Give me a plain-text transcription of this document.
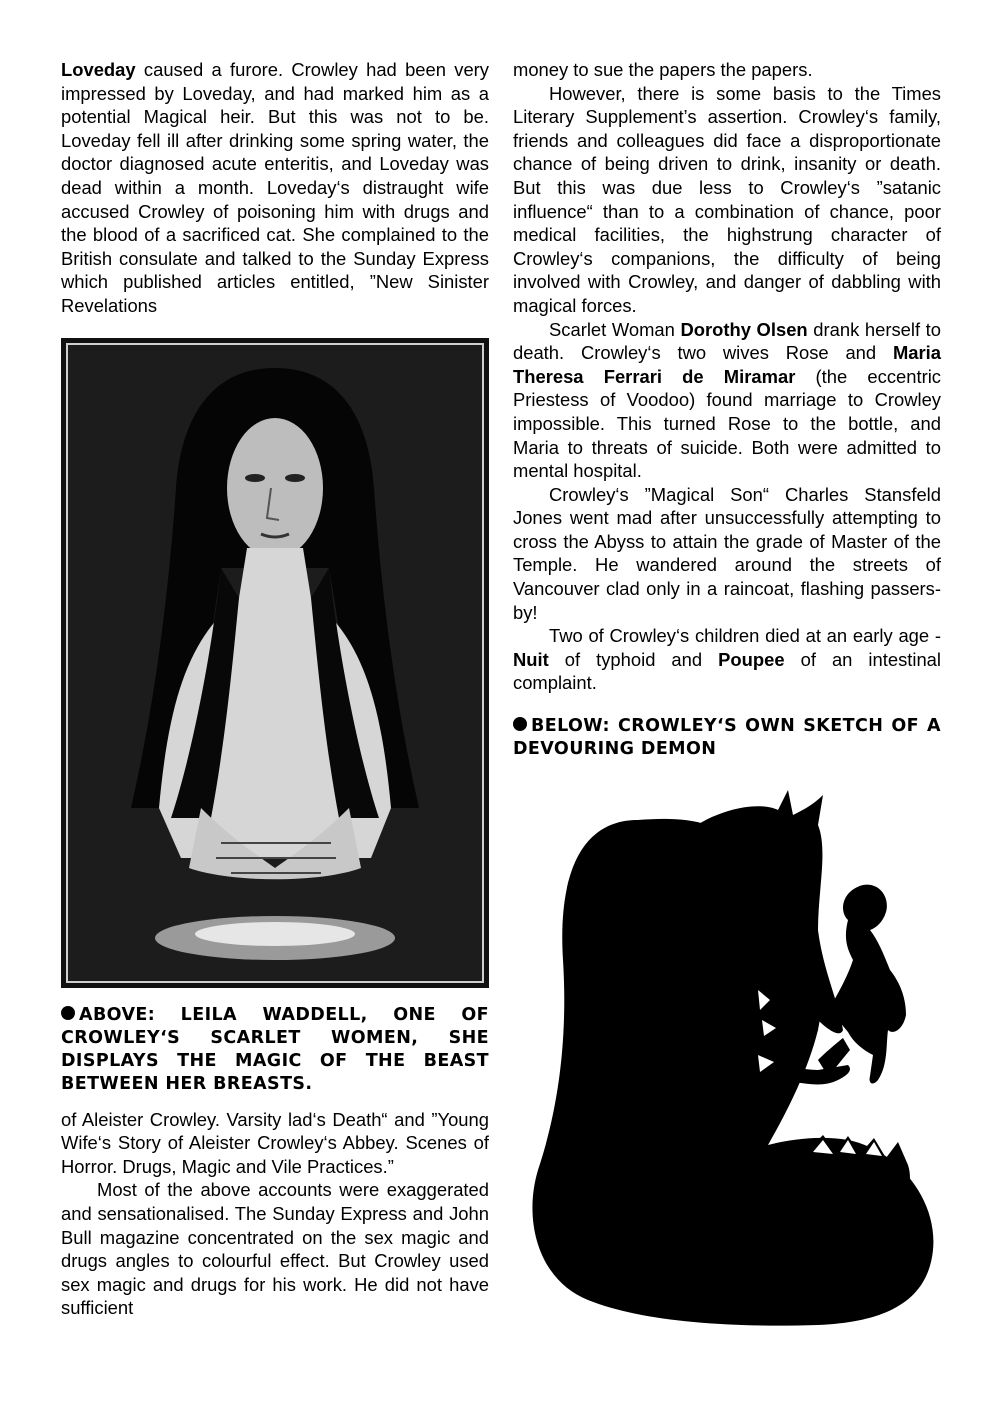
Loveday caused a furore. Crowley had been very impressed by Loveday, and had marked him as a potential Magical heir. But this was not to be. Loveday fell ill after drinking some spring water, the doctor diagnosed acute enteritis, and Loveday was dead within a month. Loveday‘s distraught wife accused Crowley of poisoning him with drugs and the blood of a sacrificed cat. She complained to the British consulate and talked to the Sunday Express which published articles entitled, ”New Sinister Revelations

ABOVE: LEILA WADDELL, ONE OF CROWLEY‘S SCARLET WOMEN, SHE DISPLAYS THE MAGIC OF THE BEAST BETWEEN HER BREASTS.

of Aleister Crowley. Varsity lad‘s Death“ and ”Young Wife‘s Story of Aleister Crowley‘s Abbey. Scenes of Horror. Drugs, Magic and Vile Practices.”

Most of the above accounts were exaggerated and sensationalised. The Sunday Express and John Bull magazine concentrated on the sex magic and drugs angles to colourful effect. But Crowley used sex magic and drugs for his work. He did not have sufficient

money to sue the papers the papers.

However, there is some basis to the Times Literary Supplement’s assertion. Crowley‘s family, friends and colleagues did face a disproportionate chance of being driven to drink, insanity or death. But this was due less to Crowley‘s ”satanic influence“ than to a combination of chance, poor medical facilities, the highstrung character of Crowley‘s companions, the difficulty of being involved with Crowley, and danger of dabbling with magical forces.

Scarlet Woman Dorothy Olsen drank herself to death. Crowley‘s two wives Rose and Maria Theresa Ferrari de Miramar (the eccentric Priestess of Voodoo) found marriage to Crowley impossible. This turned Rose to the bottle, and Maria to threats of suicide. Both were admitted to mental hospital.

Crowley‘s ”Magical Son“ Charles Stansfeld Jones went mad after unsuccessfully attempting to cross the Abyss to attain the grade of Master of the Temple. He wandered around the streets of Vancouver clad only in a raincoat, flashing passers-by!

Two of Crowley‘s children died at an early age - Nuit of typhoid and Poupee of an intestinal complaint.

BELOW: CROWLEY‘S OWN SKETCH OF A DEVOURING DEMON
